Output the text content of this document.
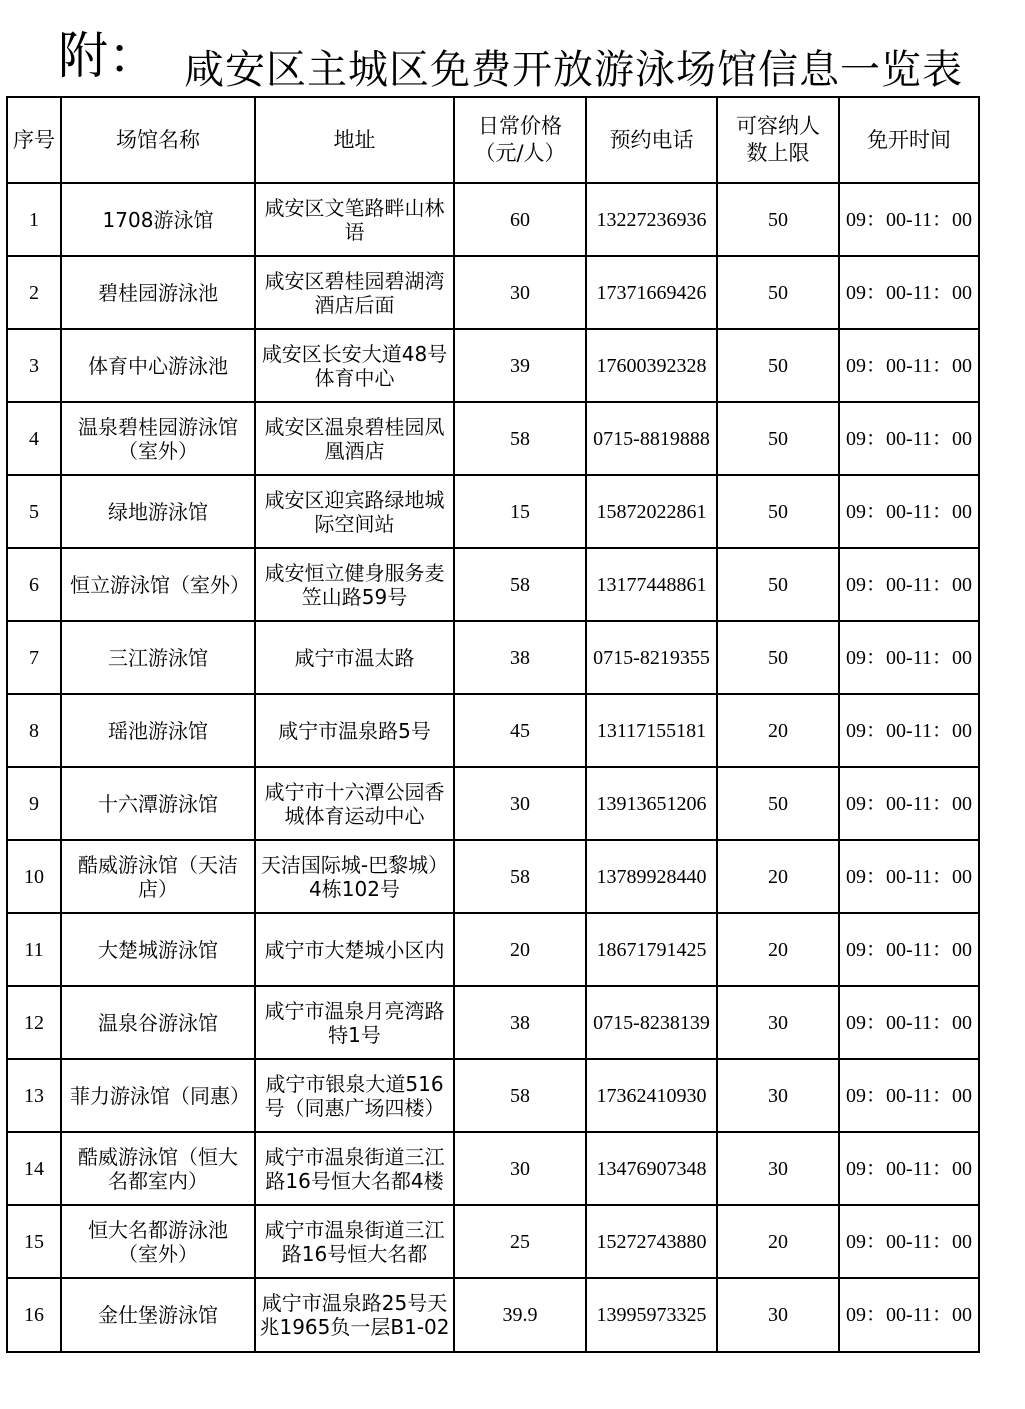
附： 咸安区主城区免费开放游泳场馆信息一览表
序号	场馆名称	地址	日常价格（元/人）	预约电话	可容纳人数上限	免开时间
1	1708游泳馆	咸安区文笔路畔山林语	60	13227236936	50	09：00-11：00
2	碧桂园游泳池	咸安区碧桂园碧湖湾酒店后面	30	17371669426	50	09：00-11：00
3	体育中心游泳池	咸安区长安大道48号体育中心	39	17600392328	50	09：00-11：00
4	温泉碧桂园游泳馆（室外）	咸安区温泉碧桂园凤凰酒店	58	0715-8819888	50	09：00-11：00
5	绿地游泳馆	咸安区迎宾路绿地城际空间站	15	15872022861	50	09：00-11：00
6	恒立游泳馆（室外）	咸安恒立健身服务麦笠山路59号	58	13177448861	50	09：00-11：00
7	三江游泳馆	咸宁市温太路	38	0715-8219355	50	09：00-11：00
8	瑶池游泳馆	咸宁市温泉路5号	45	13117155181	20	09：00-11：00
9	十六潭游泳馆	咸宁市十六潭公园香城体育运动中心	30	13913651206	50	09：00-11：00
10	酷威游泳馆（天洁店）	天洁国际城-巴黎城）4栋102号	58	13789928440	20	09：00-11：00
11	大楚城游泳馆	咸宁市大楚城小区内	20	18671791425	20	09：00-11：00
12	温泉谷游泳馆	咸宁市温泉月亮湾路特1号	38	0715-8238139	30	09：00-11：00
13	菲力游泳馆（同惠）	咸宁市银泉大道516号（同惠广场四楼）	58	17362410930	30	09：00-11：00
14	酷威游泳馆（恒大名都室内）	咸宁市温泉街道三江路16号恒大名都4楼	30	13476907348	30	09：00-11：00
15	恒大名都游泳池（室外）	咸宁市温泉街道三江路16号恒大名都	25	15272743880	20	09：00-11：00
16	金仕堡游泳馆	咸宁市温泉路25号天兆1965负一层B1-02	39.9	13995973325	30	09：00-11：00
